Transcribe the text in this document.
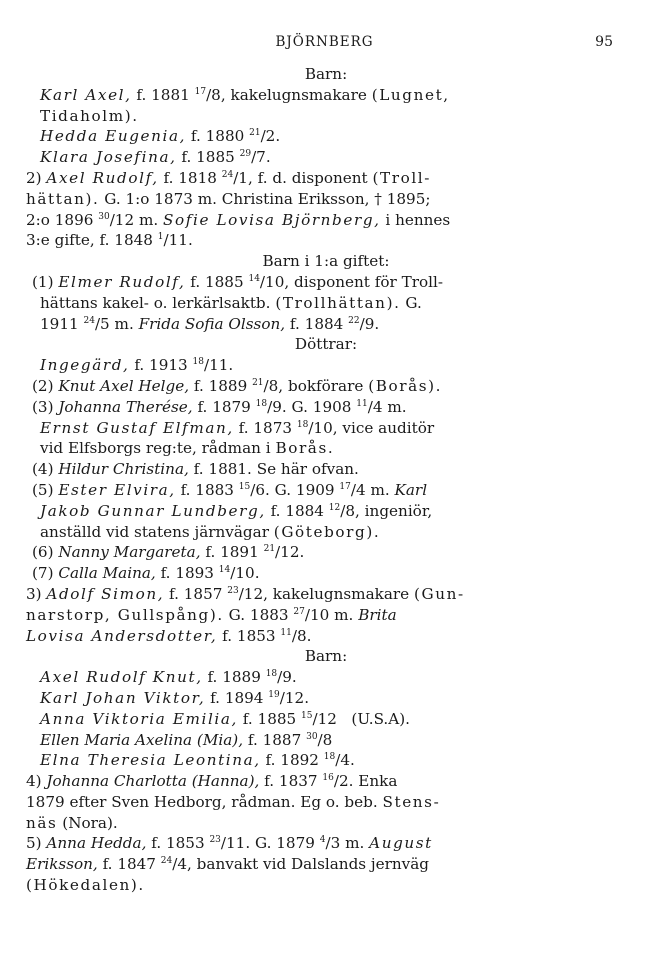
BJÖRNBERG	95
Barn:
Karl Axel, f. 1881 $^{17}$/8, kakelugnsmakare (Lugnet,
Tidaholm).
Hedda Eugenia, f. 1880 $^{21}$/2.
Klara Josefina, f. 1885 $^{29}$/7.
2) Axel Rudolf, f. 1818 $^{24}$/1, f. d. disponent (Troll-
hättan). G. 1:o 1873 m. Christina Eriksson, † 1895;
2:o 1896 $^{30}$/12 m. Sofie Lovisa Björnberg, i hennes
3:e gifte, f. 1848 $^1$/11.
Barn i 1:a giftet:
(1) Elmer Rudolf, f. 1885 $^{14}$/10, disponent för Troll-
hättans kakel- o. lerkärlsaktb. (Trollhättan). G.
1911 $^{24}$/5 m. Frida Sofia Olsson, f. 1884 $^{22}$/9.
Döttrar:
Ingegärd, f. 1913 $^{18}$/11.
(2) Knut Axel Helge, f. 1889 $^{21}$/8, bokförare (Borås).
(3) Johanna Therése, f. 1879 $^{18}$/9. G. 1908 $^{11}$/4 m.
Ernst Gustaf Elfman, f. 1873 $^{18}$/10, vice auditör
vid Elfsborgs reg:te, rådman i Borås.
(4) Hildur Christina, f. 1881. Se här ofvan.
(5) Ester Elvira, f. 1883 $^{15}$/6. G. 1909 $^{17}$/4 m. Karl
Jakob Gunnar Lundberg, f. 1884 $^{12}$/8, ingeniör,
anställd vid statens järnvägar (Göteborg).
(6) Nanny Margareta, f. 1891 $^{21}$/12.
(7) Calla Maina, f. 1893 $^{14}$/10.
3) Adolf Simon, f. 1857 $^{23}$/12, kakelugnsmakare (Gun-
narstorp, Gullspång). G. 1883 $^{27}$/10 m. Brita
Lovisa Andersdotter, f. 1853 $^{11}$/8.
Barn:
Axel Rudolf Knut, f. 1889 $^{18}$/9.
Karl Johan Viktor, f. 1894 $^{19}$/12.
Anna Viktoria Emilia, f. 1885 $^{15}$/12 (U.S.A).
Ellen Maria Axelina (Mia), f. 1887 $^{30}$/8
Elna Theresia Leontina, f. 1892 $^{18}$/4.
4) Johanna Charlotta (Hanna), f. 1837 $^{16}$/2. Enka
1879 efter Sven Hedborg, rådman. Eg o. beb. Stens-
näs (Nora).
5) Anna Hedda, f. 1853 $^{23}$/11. G. 1879 $^4$/3 m. August
Eriksson, f. 1847 $^{24}$/4, banvakt vid Dalslands jernväg
(Hökedalen).
